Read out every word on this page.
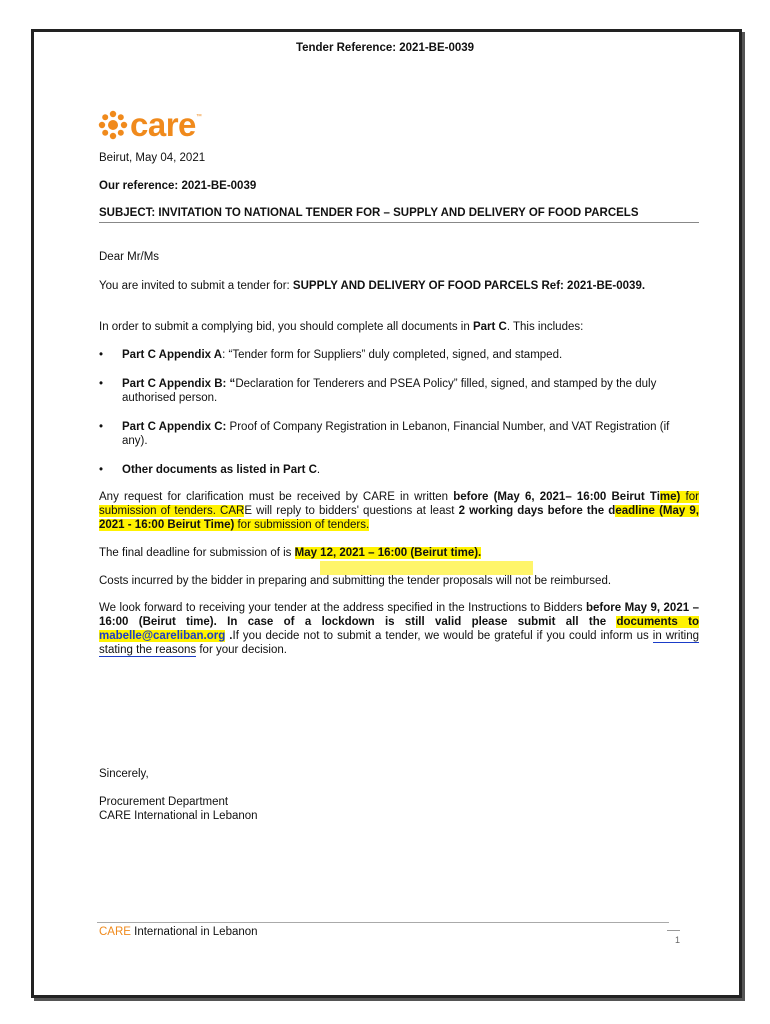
Tender Reference: 2021-BE-0039
care ™
Beirut, May 04, 2021
Our reference: 2021-BE-0039
SUBJECT: INVITATION TO NATIONAL TENDER FOR – SUPPLY AND DELIVERY OF FOOD PARCELS
Dear Mr/Ms
You are invited to submit a tender for: SUPPLY AND DELIVERY OF FOOD PARCELS Ref: 2021-BE-0039.
In order to submit a complying bid, you should complete all documents in Part C. This includes:
• Part C Appendix A: “Tender form for Suppliers” duly completed, signed, and stamped.
• Part C Appendix B: “Declaration for Tenderers and PSEA Policy” filled, signed, and stamped by the duly authorised person.
• Part C Appendix C: Proof of Company Registration in Lebanon, Financial Number, and VAT Registration (if any).
• Other documents as listed in Part C.
Any request for clarification must be received by CARE in written before (May 6, 2021– 16:00 Beirut Time) for submission of tenders. CARE will reply to bidders' questions at least 2 working days before the deadline (May 9, 2021 - 16:00 Beirut Time) for submission of tenders.
The final deadline for submission of is May 12, 2021 – 16:00 (Beirut time).
Costs incurred by the bidder in preparing and submitting the tender proposals will not be reimbursed.
We look forward to receiving your tender at the address specified in the Instructions to Bidders before May 9, 2021 – 16:00 (Beirut time). In case of a lockdown is still valid please submit all the documents to mabelle@careliban.org .If you decide not to submit a tender, we would be grateful if you could inform us in writing stating the reasons for your decision.
Sincerely,
Procurement Department
CARE International in Lebanon
CARE International in Lebanon
1
